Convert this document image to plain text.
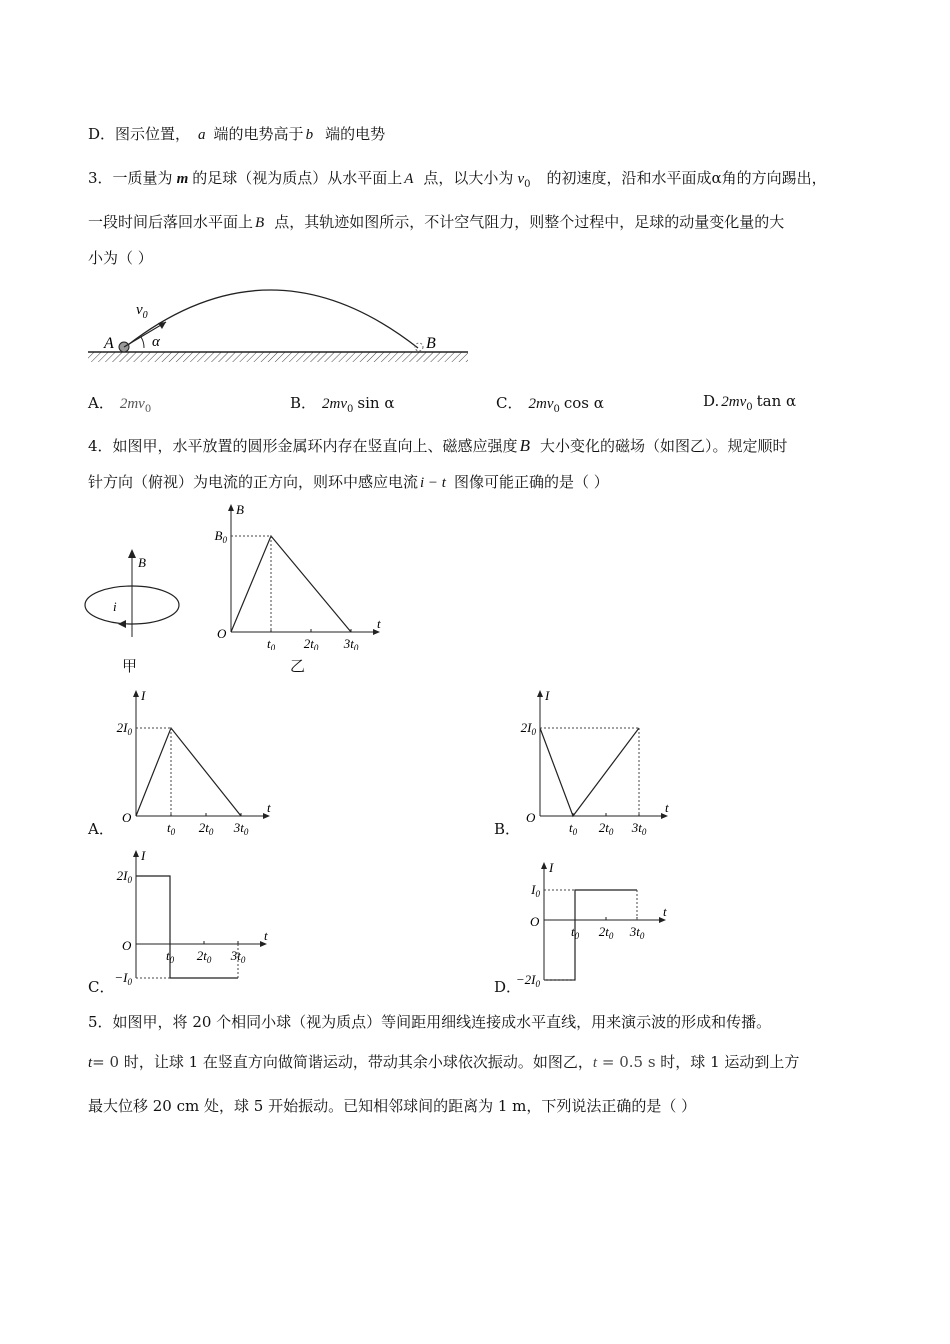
D．图示位置， a 端的电势高于 b 端的电势
3．一质量为 m 的足球（视为质点）从水平面上 A 点，以大小为 $v_0$ 的初速度，沿和水平面成α角的方向踢出，
一段时间后落回水平面上 B 点，其轨迹如图所示，不计空气阻力，则整个过程中，足球的动量变化量的大
小为（ ）
$v_0$
A	B
α
A． $2mv_0$	B． $2mv_0$ sin α	C． $2mv_0$ cos α	D. $2mv_0$ tan α
4．如图甲，水平放置的圆形金属环内存在竖直向上、磁感应强度 B 大小变化的磁场（如图乙）。规定顺时
针方向（俯视）为电流的正方向，则环中感应电流 i − t 图像可能正确的是（ ）
B
i
甲
t
B
O
$t_0$ $2t_0$ $3t_0$
$B_0$
乙
t
I
O
$t_0$ $2t_0$ $3t_0$
$2I_0$
A．
t
I
O
$t_0$ $2t_0$ $3t_0$
$2I_0$
B．
t
I
O
$t_0$ $2t_0$ $3t_0$
$2I_0$
$-I_0$
C．
t
I
O
$t_0$ $2t_0$ $3t_0$
$I_0$
$-2I_0$
D．
5．如图甲，将 20 个相同小球（视为质点）等间距用细线连接成水平直线，用来演示波的形成和传播。
t= 0 时，让球 1 在竖直方向做简谐运动，带动其余小球依次振动。如图乙，t = 0.5 s 时，球 1 运动到上方
最大位移 20 cm 处，球 5 开始振动。已知相邻球间的距离为 1 m，下列说法正确的是（ ）
